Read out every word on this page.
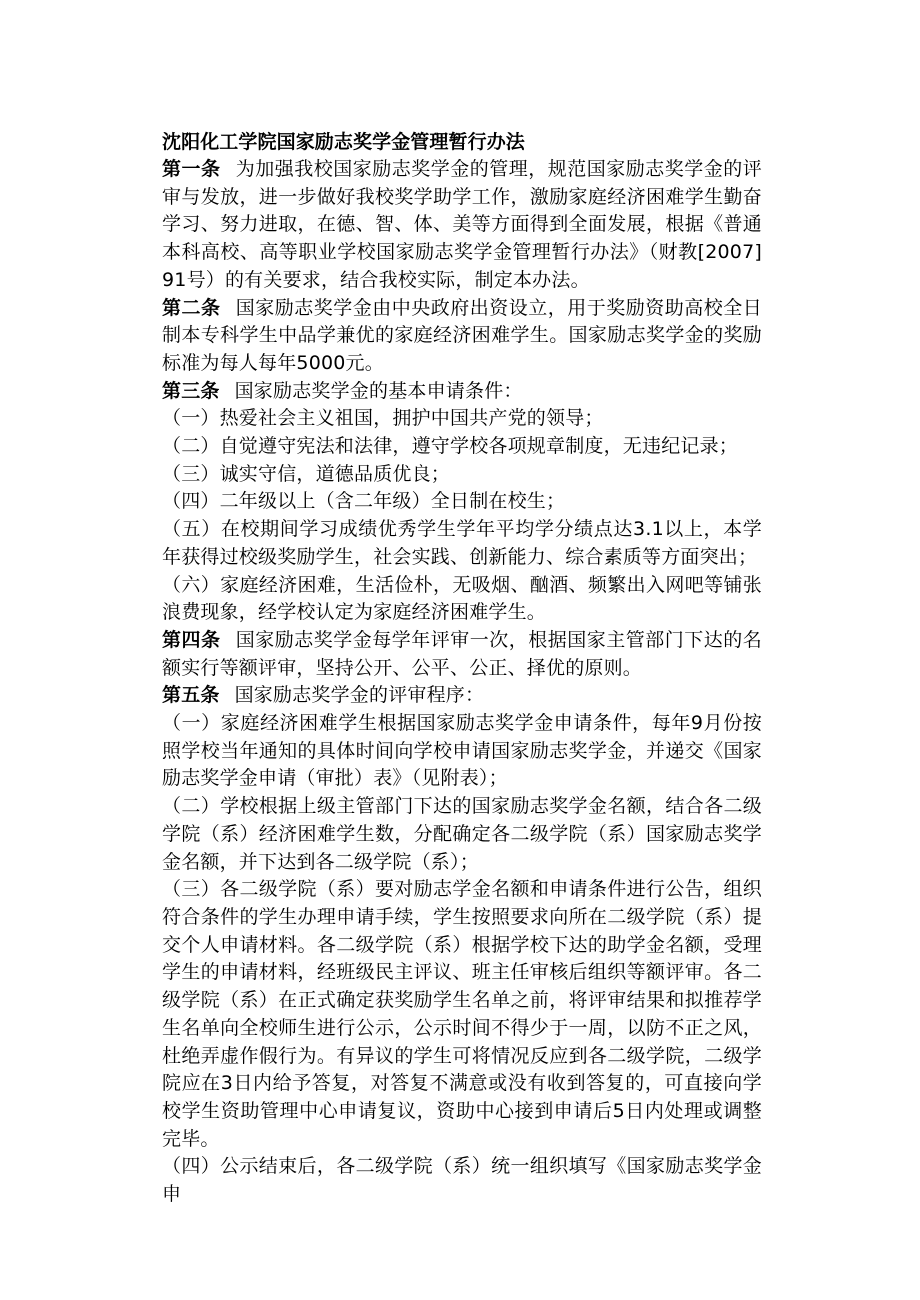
沈阳化工学院国家励志奖学金管理暂行办法

第一条 为加强我校国家励志奖学金的管理，规范国家励志奖学金的评审与发放，进一步做好我校奖学助学工作，激励家庭经济困难学生勤奋学习、努力进取，在德、智、体、美等方面得到全面发展，根据《普通本科高校、高等职业学校国家励志奖学金管理暂行办法》（财教[2007]91号）的有关要求，结合我校实际，制定本办法。

第二条 国家励志奖学金由中央政府出资设立，用于奖励资助高校全日制本专科学生中品学兼优的家庭经济困难学生。国家励志奖学金的奖励标准为每人每年5000元。

第三条 国家励志奖学金的基本申请条件：

（一）热爱社会主义祖国，拥护中国共产党的领导；

（二）自觉遵守宪法和法律，遵守学校各项规章制度，无违纪记录；

（三）诚实守信，道德品质优良；

（四）二年级以上（含二年级）全日制在校生；

（五）在校期间学习成绩优秀学生学年平均学分绩点达3.1以上，本学年获得过校级奖励学生，社会实践、创新能力、综合素质等方面突出；

（六）家庭经济困难，生活俭朴，无吸烟、酗酒、频繁出入网吧等铺张浪费现象，经学校认定为家庭经济困难学生。

第四条 国家励志奖学金每学年评审一次，根据国家主管部门下达的名额实行等额评审，坚持公开、公平、公正、择优的原则。

第五条 国家励志奖学金的评审程序：

（一）家庭经济困难学生根据国家励志奖学金申请条件，每年9月份按照学校当年通知的具体时间向学校申请国家励志奖学金，并递交《国家励志奖学金申请（审批）表》（见附表）；

（二）学校根据上级主管部门下达的国家励志奖学金名额，结合各二级学院（系）经济困难学生数，分配确定各二级学院（系）国家励志奖学金名额，并下达到各二级学院（系）；

（三）各二级学院（系）要对励志学金名额和申请条件进行公告，组织符合条件的学生办理申请手续，学生按照要求向所在二级学院（系）提交个人申请材料。各二级学院（系）根据学校下达的助学金名额，受理学生的申请材料，经班级民主评议、班主任审核后组织等额评审。各二级学院（系）在正式确定获奖励学生名单之前，将评审结果和拟推荐学生名单向全校师生进行公示，公示时间不得少于一周，以防不正之风，杜绝弄虚作假行为。有异议的学生可将情况反应到各二级学院，二级学院应在3日内给予答复，对答复不满意或没有收到答复的，可直接向学校学生资助管理中心申请复议，资助中心接到申请后5日内处理或调整完毕。

（四）公示结束后，各二级学院（系）统一组织填写《国家励志奖学金申
